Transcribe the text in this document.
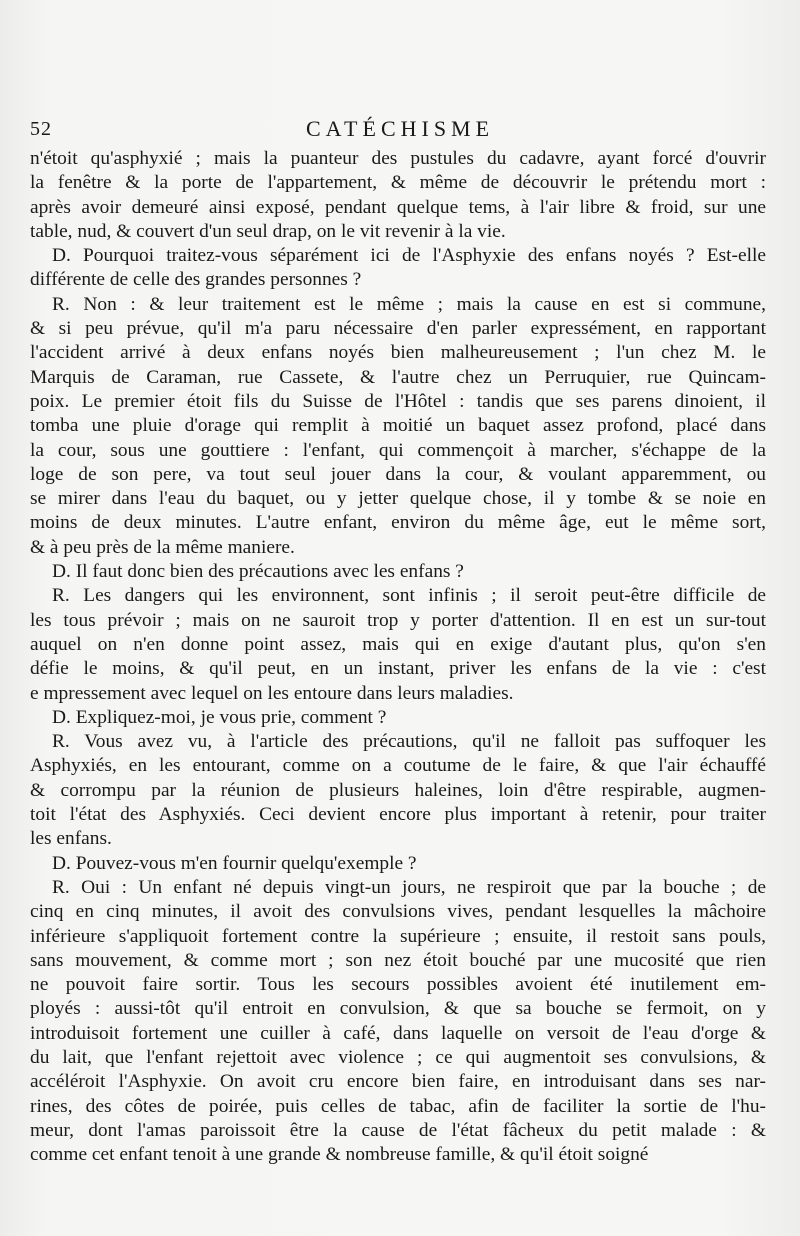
52	CATÉCHISME
n'étoit qu'asphyxié ; mais la puanteur des pustules du cadavre, ayant forcé d'ouvrir
la fenêtre & la porte de l'appartement, & même de découvrir le prétendu mort :
après avoir demeuré ainsi exposé, pendant quelque tems, à l'air libre & froid, sur une
table, nud, & couvert d'un seul drap, on le vit revenir à la vie.
D. Pourquoi traitez-vous séparément ici de l'Asphyxie des enfans noyés ? Est-elle
différente de celle des grandes personnes ?
R. Non : & leur traitement est le même ; mais la cause en est si commune,
& si peu prévue, qu'il m'a paru nécessaire d'en parler expressément, en rapportant
l'accident arrivé à deux enfans noyés bien malheureusement ; l'un chez M. le
Marquis de Caraman, rue Cassete, & l'autre chez un Perruquier, rue Quincam-
poix. Le premier étoit fils du Suisse de l'Hôtel : tandis que ses parens dinoient, il
tomba une pluie d'orage qui remplit à moitié un baquet assez profond, placé dans
la cour, sous une gouttiere : l'enfant, qui commençoit à marcher, s'échappe de la
loge de son pere, va tout seul jouer dans la cour, & voulant apparemment, ou
se mirer dans l'eau du baquet, ou y jetter quelque chose, il y tombe & se noie en
moins de deux minutes. L'autre enfant, environ du même âge, eut le même sort,
& à peu près de la même maniere.
D. Il faut donc bien des précautions avec les enfans ?
R. Les dangers qui les environnent, sont infinis ; il seroit peut-être difficile de
les tous prévoir ; mais on ne sauroit trop y porter d'attention. Il en est un sur-tout
auquel on n'en donne point assez, mais qui en exige d'autant plus, qu'on s'en
défie le moins, & qu'il peut, en un instant, priver les enfans de la vie : c'est
e mpressement avec lequel on les entoure dans leurs maladies.
D. Expliquez-moi, je vous prie, comment ?
R. Vous avez vu, à l'article des précautions, qu'il ne falloit pas suffoquer les
Asphyxiés, en les entourant, comme on a coutume de le faire, & que l'air échauffé
& corrompu par la réunion de plusieurs haleines, loin d'être respirable, augmen-
toit l'état des Asphyxiés. Ceci devient encore plus important à retenir, pour traiter
les enfans.
D. Pouvez-vous m'en fournir quelqu'exemple ?
R. Oui : Un enfant né depuis vingt-un jours, ne respiroit que par la bouche ; de
cinq en cinq minutes, il avoit des convulsions vives, pendant lesquelles la mâchoire
inférieure s'appliquoit fortement contre la supérieure ; ensuite, il restoit sans pouls,
sans mouvement, & comme mort ; son nez étoit bouché par une mucosité que rien
ne pouvoit faire sortir. Tous les secours possibles avoient été inutilement em-
ployés : aussi-tôt qu'il entroit en convulsion, & que sa bouche se fermoit, on y
introduisoit fortement une cuiller à café, dans laquelle on versoit de l'eau d'orge &
du lait, que l'enfant rejettoit avec violence ; ce qui augmentoit ses convulsions, &
accéléroit l'Asphyxie. On avoit cru encore bien faire, en introduisant dans ses nar-
rines, des côtes de poirée, puis celles de tabac, afin de faciliter la sortie de l'hu-
meur, dont l'amas paroissoit être la cause de l'état fâcheux du petit malade : &
comme cet enfant tenoit à une grande & nombreuse famille, & qu'il étoit soigné
